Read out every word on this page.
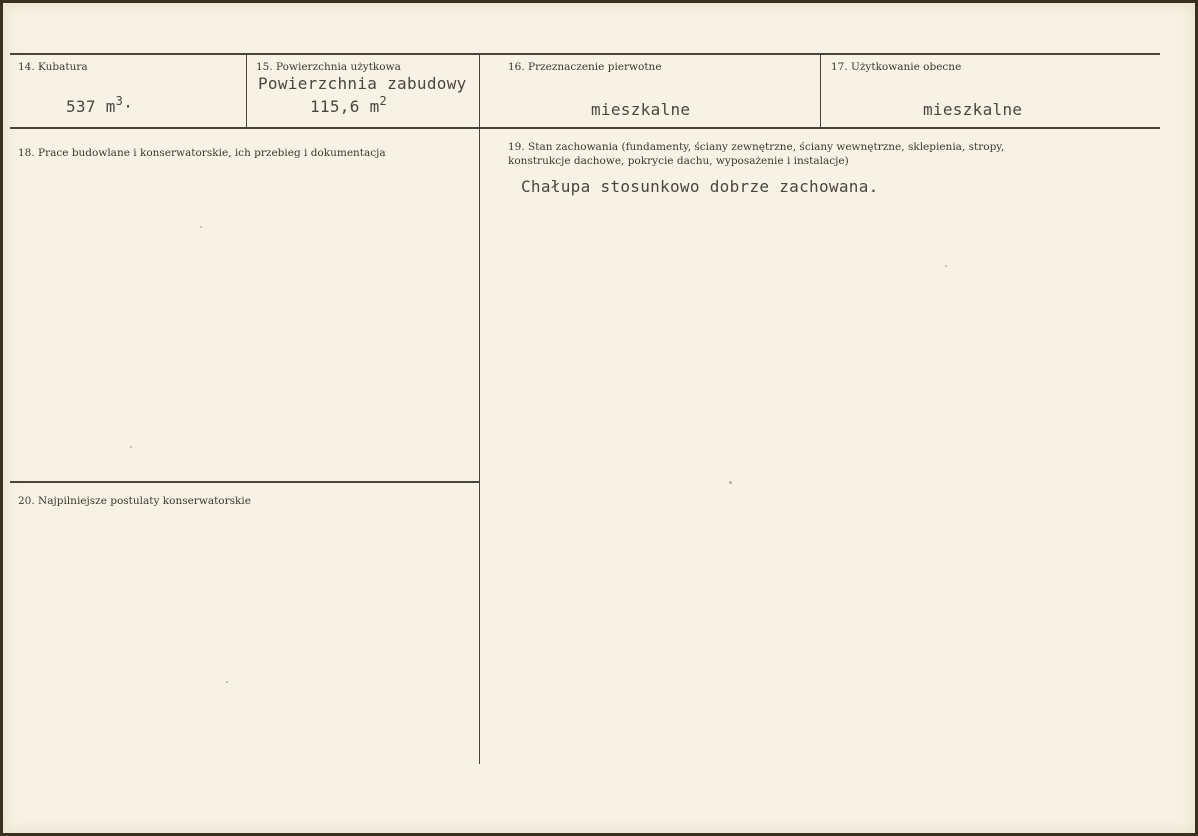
14. Kubatura
537 $m^3\cdot$
15. Powierzchnia użytkowa
Powierzchnia zabudowy
115,6 $m^2$
16. Przeznaczenie pierwotne
mieszkalne
17. Użytkowanie obecne
mieszkalne
18. Prace budowlane i konserwatorskie, ich przebieg i dokumentacja	19. Stan zachowania (fundamenty, ściany zewnętrzne, ściany wewnętrzne, sklepienia, stropy,
konstrukcje dachowe, pokrycie dachu, wyposażenie i instalacje)
Chałupa stosunkowo dobrze zachowana.
20. Najpilniejsze postulaty konserwatorskie
